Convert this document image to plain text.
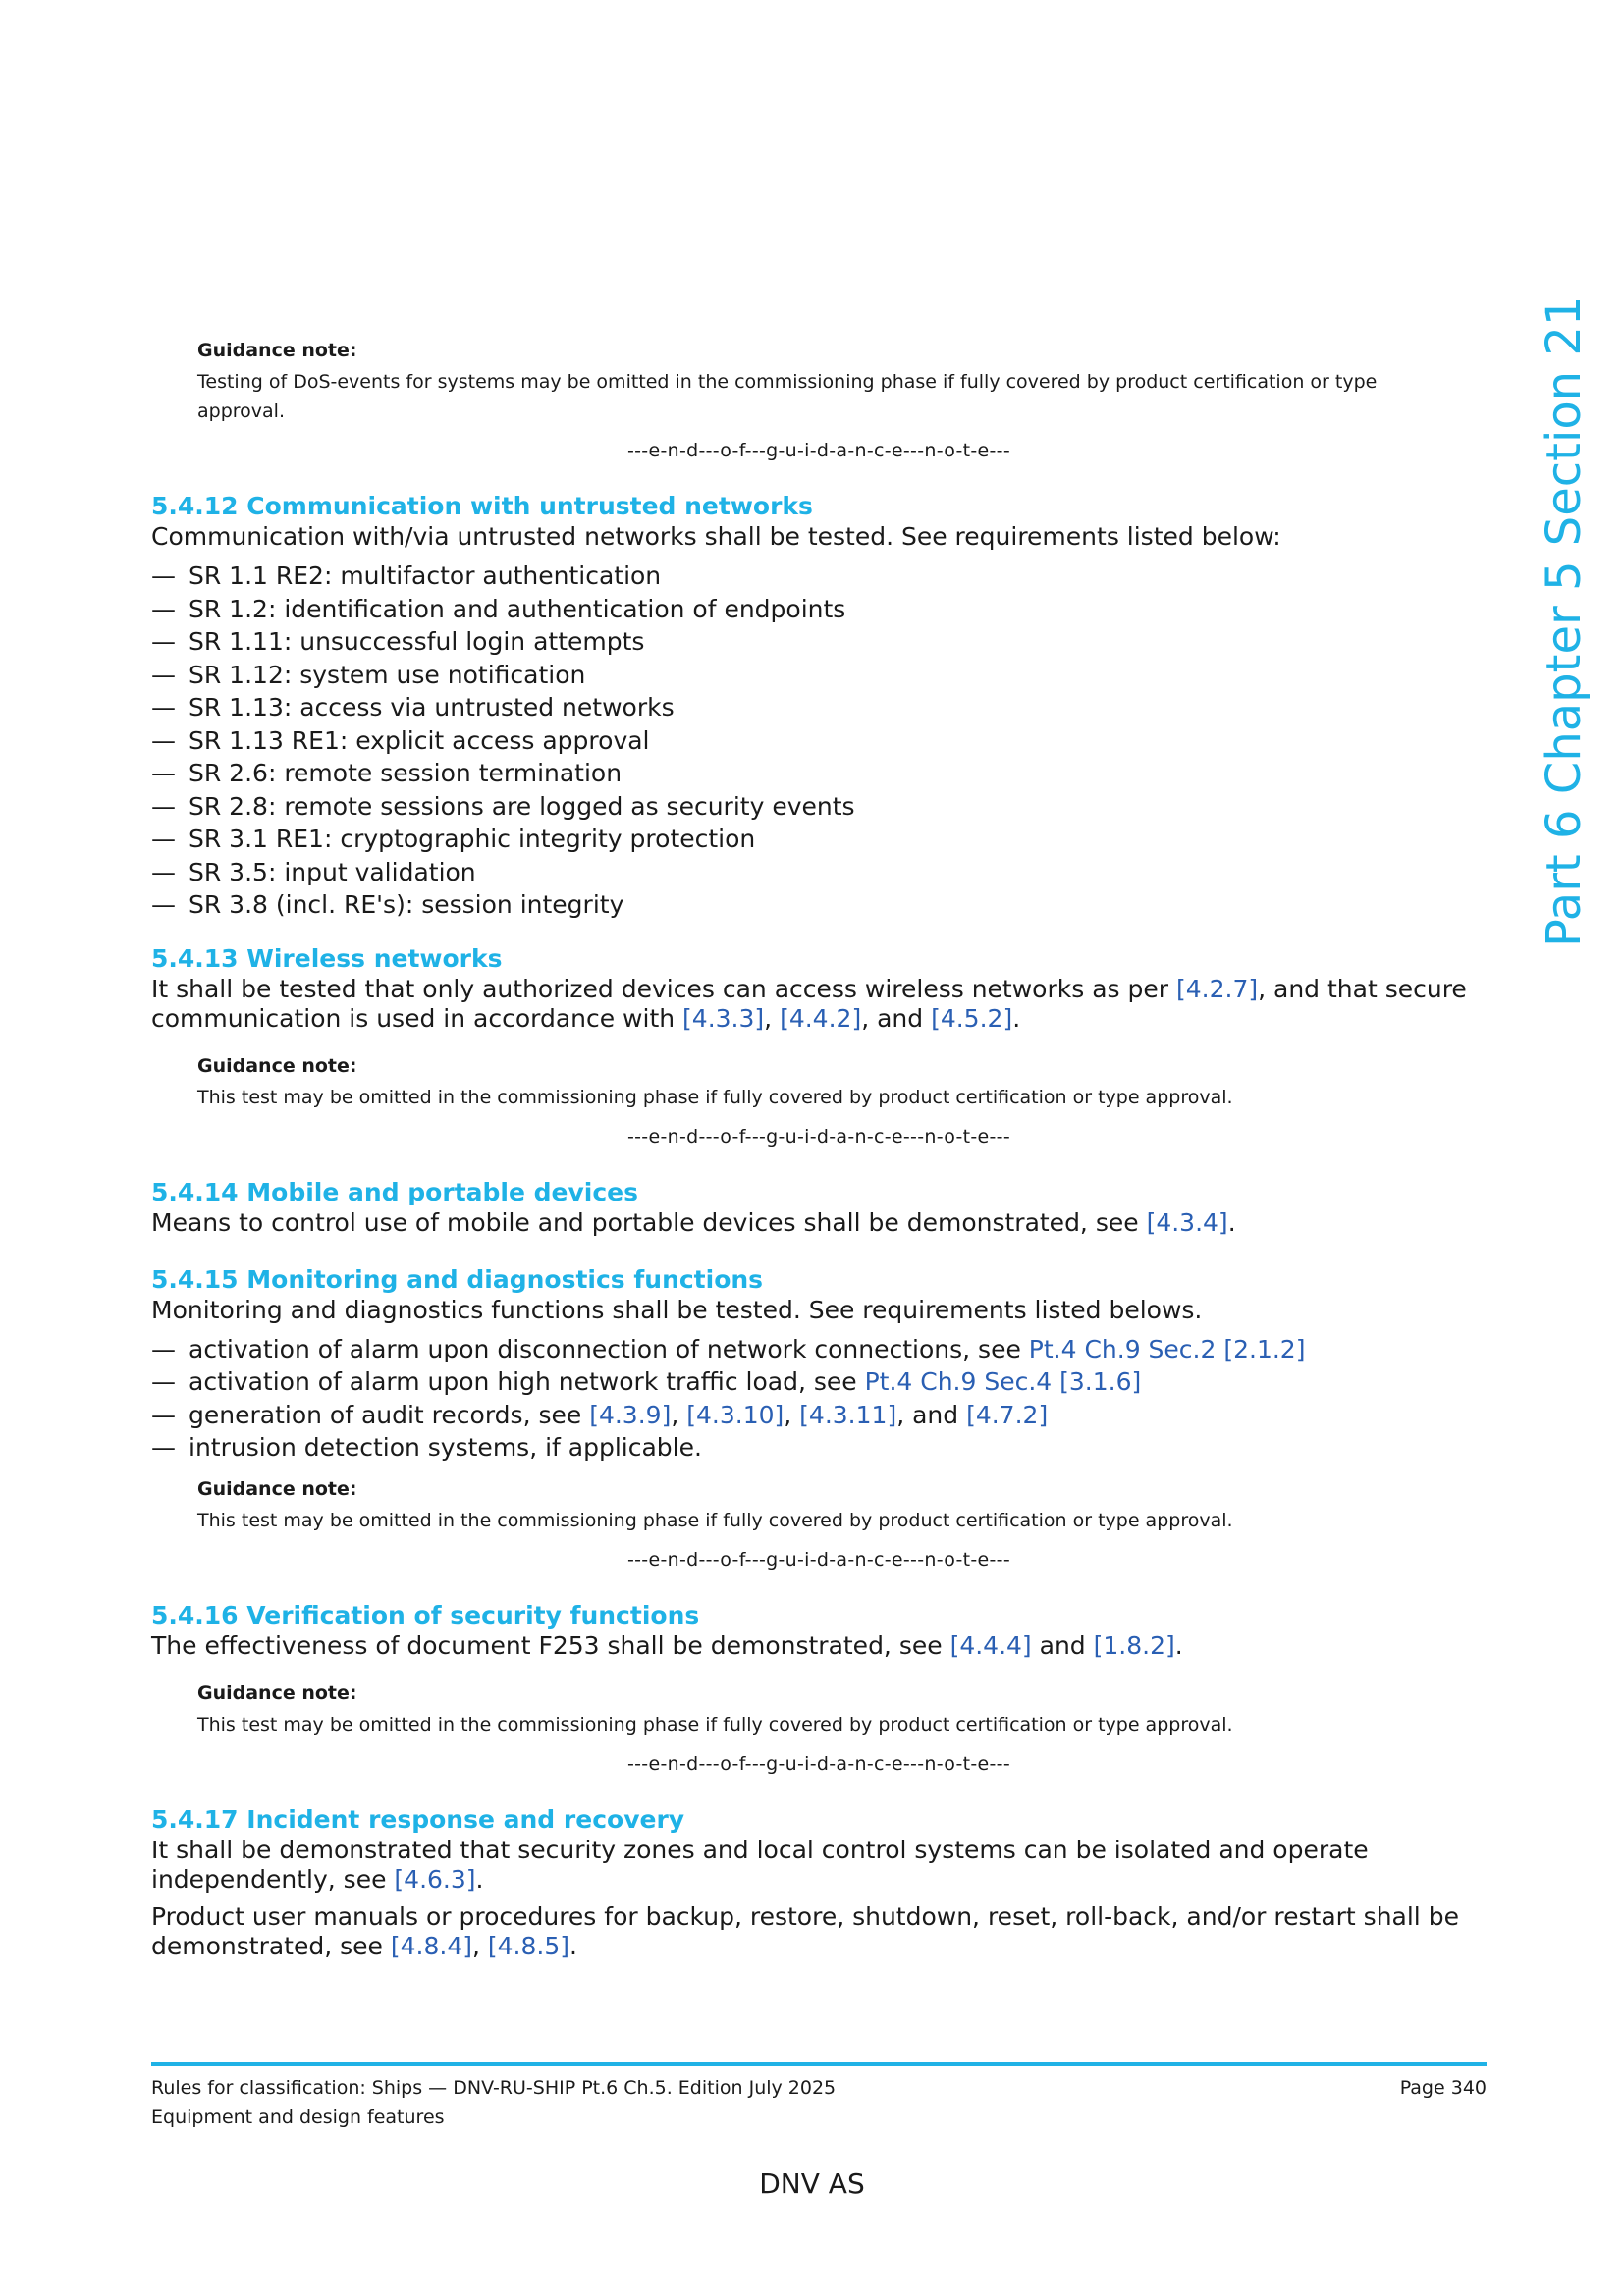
Part 6 Chapter 5 Section 21
Guidance note:
Testing of DoS-events for systems may be omitted in the commissioning phase if fully covered by product certification or type approval.
---e-n-d---o-f---g-u-i-d-a-n-c-e---n-o-t-e---
5.4.12 Communication with untrusted networks

Communication with/via untrusted networks shall be tested. See requirements listed below:

— SR 1.1 RE2: multifactor authentication
— SR 1.2: identification and authentication of endpoints
— SR 1.11: unsuccessful login attempts
— SR 1.12: system use notification
— SR 1.13: access via untrusted networks
— SR 1.13 RE1: explicit access approval
— SR 2.6: remote session termination
— SR 2.8: remote sessions are logged as security events
— SR 3.1 RE1: cryptographic integrity protection
— SR 3.5: input validation
— SR 3.8 (incl. RE's): session integrity
5.4.13 Wireless networks

It shall be tested that only authorized devices can access wireless networks as per [4.2.7], and that secure communication is used in accordance with [4.3.3], [4.4.2], and [4.5.2].

Guidance note:
This test may be omitted in the commissioning phase if fully covered by product certification or type approval.
---e-n-d---o-f---g-u-i-d-a-n-c-e---n-o-t-e---
5.4.14 Mobile and portable devices

Means to control use of mobile and portable devices shall be demonstrated, see [4.3.4].

5.4.15 Monitoring and diagnostics functions

Monitoring and diagnostics functions shall be tested. See requirements listed belows.

— activation of alarm upon disconnection of network connections, see Pt.4 Ch.9 Sec.2 [2.1.2]
— activation of alarm upon high network traffic load, see Pt.4 Ch.9 Sec.4 [3.1.6]
— generation of audit records, see [4.3.9], [4.3.10], [4.3.11], and [4.7.2]
— intrusion detection systems, if applicable.
Guidance note:
This test may be omitted in the commissioning phase if fully covered by product certification or type approval.
---e-n-d---o-f---g-u-i-d-a-n-c-e---n-o-t-e---
5.4.16 Verification of security functions

The effectiveness of document F253 shall be demonstrated, see [4.4.4] and [1.8.2].

Guidance note:
This test may be omitted in the commissioning phase if fully covered by product certification or type approval.
---e-n-d---o-f---g-u-i-d-a-n-c-e---n-o-t-e---
5.4.17 Incident response and recovery

It shall be demonstrated that security zones and local control systems can be isolated and operate independently, see [4.6.3].

Product user manuals or procedures for backup, restore, shutdown, reset, roll-back, and/or restart shall be demonstrated, see [4.8.4], [4.8.5].

Rules for classification: Ships — DNV-RU-SHIP Pt.6 Ch.5. Edition July 2025
Equipment and design features
Page 340
DNV AS
